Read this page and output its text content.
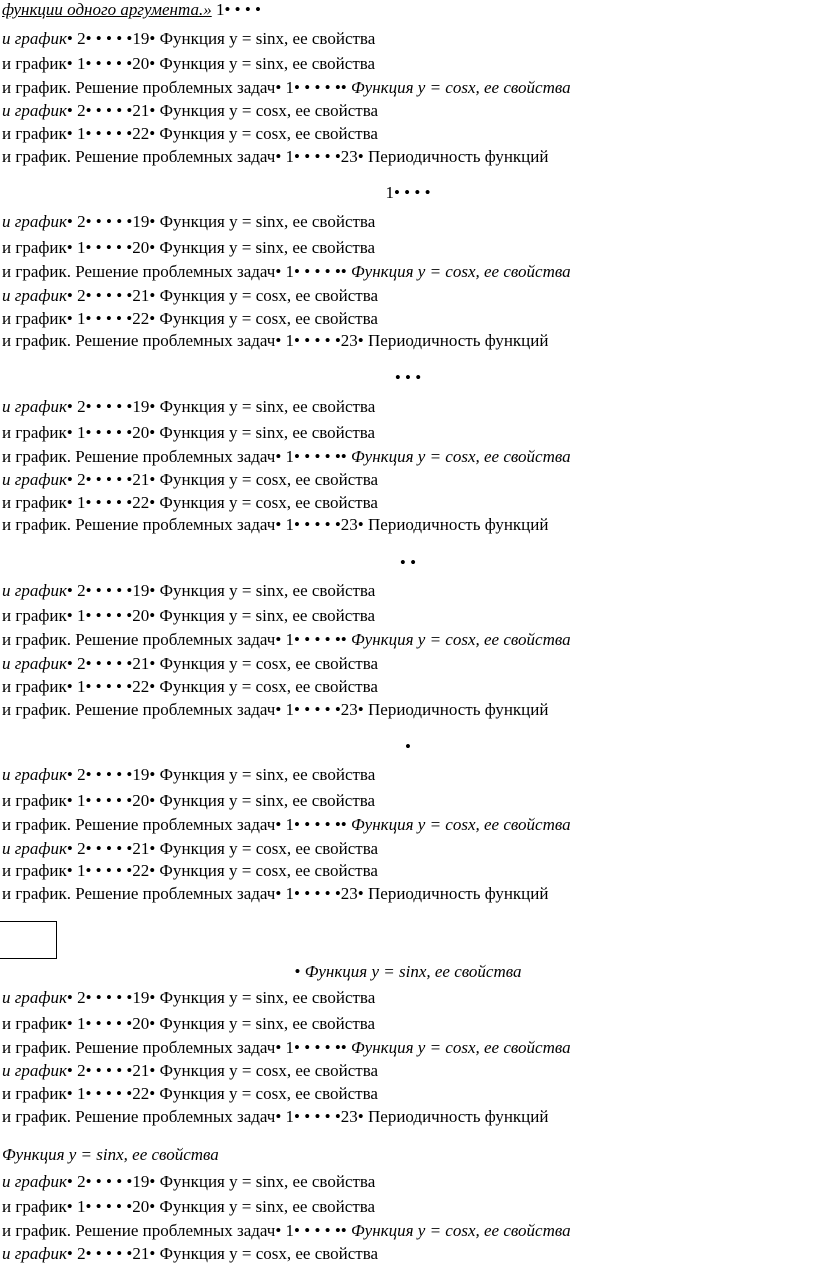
функции одного аргумента.» 1• • • •
и график• 2• • • • •19• Функция y = sinx, ее свойства
и график• 1• • • • •20• Функция y = sinx, ее свойства
и график. Решение проблемных задач• 1• • • • •• Функция y = cosx, ее свойства
и график• 2• • • • •21• Функция y = cosx, ее свойства
и график• 1• • • • •22• Функция y = cosx, ее свойства
и график. Решение проблемных задач• 1• • • • •23• Периодичность функций
1• • • •
и график• 2• • • • •19• Функция y = sinx, ее свойства
и график• 1• • • • •20• Функция y = sinx, ее свойства
и график. Решение проблемных задач• 1• • • • •• Функция y = cosx, ее свойства
и график• 2• • • • •21• Функция y = cosx, ее свойства
и график• 1• • • • •22• Функция y = cosx, ее свойства
и график. Решение проблемных задач• 1• • • • •23• Периодичность функций
• • •
и график• 2• • • • •19• Функция y = sinx, ее свойства
и график• 1• • • • •20• Функция y = sinx, ее свойства
и график. Решение проблемных задач• 1• • • • •• Функция y = cosx, ее свойства
и график• 2• • • • •21• Функция y = cosx, ее свойства
и график• 1• • • • •22• Функция y = cosx, ее свойства
и график. Решение проблемных задач• 1• • • • •23• Периодичность функций
• •
и график• 2• • • • •19• Функция y = sinx, ее свойства
и график• 1• • • • •20• Функция y = sinx, ее свойства
и график. Решение проблемных задач• 1• • • • •• Функция y = cosx, ее свойства
и график• 2• • • • •21• Функция y = cosx, ее свойства
и график• 1• • • • •22• Функция y = cosx, ее свойства
и график. Решение проблемных задач• 1• • • • •23• Периодичность функций
•
и график• 2• • • • •19• Функция y = sinx, ее свойства
и график• 1• • • • •20• Функция y = sinx, ее свойства
и график. Решение проблемных задач• 1• • • • •• Функция y = cosx, ее свойства
и график• 2• • • • •21• Функция y = cosx, ее свойства
и график• 1• • • • •22• Функция y = cosx, ее свойства
и график. Решение проблемных задач• 1• • • • •23• Периодичность функций
• Функция y = sinx, ее свойства
и график• 2• • • • •19• Функция y = sinx, ее свойства
и график• 1• • • • •20• Функция y = sinx, ее свойства
и график. Решение проблемных задач• 1• • • • •• Функция y = cosx, ее свойства
и график• 2• • • • •21• Функция y = cosx, ее свойства
и график• 1• • • • •22• Функция y = cosx, ее свойства
и график. Решение проблемных задач• 1• • • • •23• Периодичность функций
Функция y = sinx, ее свойства
и график• 2• • • • •19• Функция y = sinx, ее свойства
и график• 1• • • • •20• Функция y = sinx, ее свойства
и график. Решение проблемных задач• 1• • • • •• Функция y = cosx, ее свойства
и график• 2• • • • •21• Функция y = cosx, ее свойства
